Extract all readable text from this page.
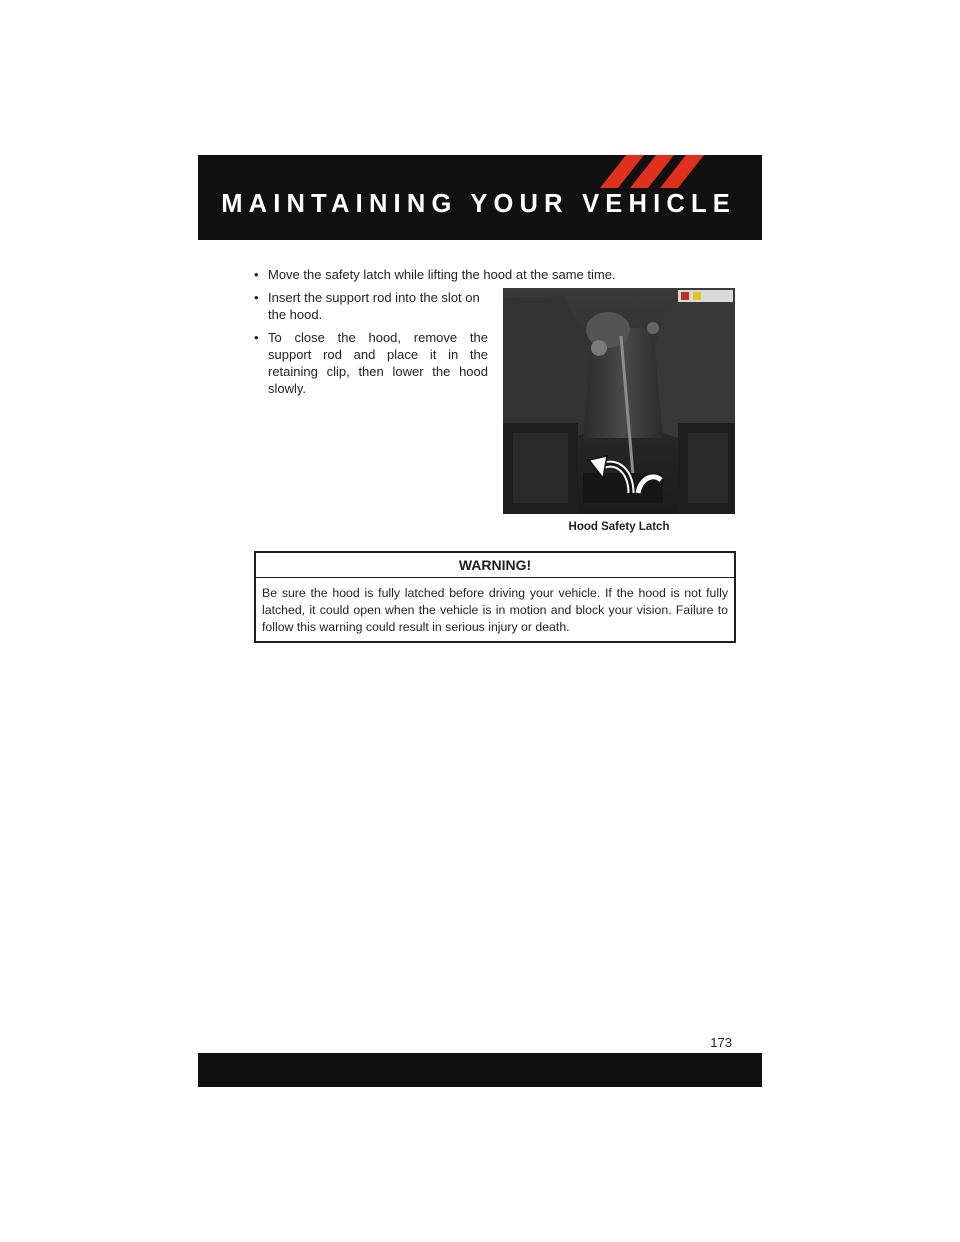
MAINTAINING YOUR VEHICLE
• Move the safety latch while lifting the hood at the same time.
• Insert the support rod into the slot on the hood.
• To close the hood, remove the support rod and place it in the retaining clip, then lower the hood slowly.
Hood Safety Latch
WARNING!
Be sure the hood is fully latched before driving your vehicle. If the hood is not fully latched, it could open when the vehicle is in motion and block your vision. Failure to follow this warning could result in serious injury or death.
173
